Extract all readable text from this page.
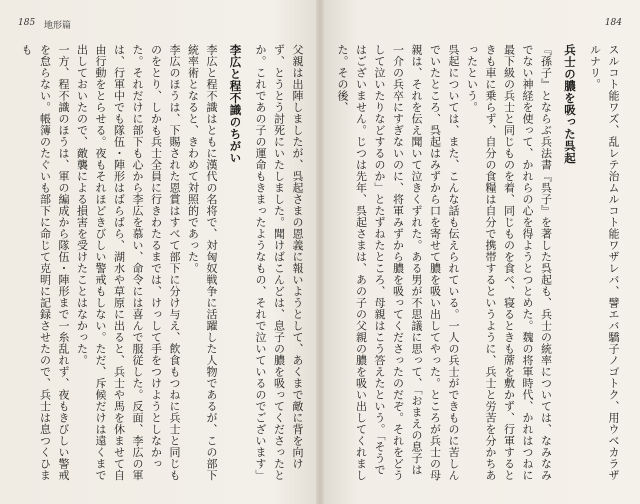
185 地形篇	184

スルコト能ワズ、乱レテ治ムルコト能ワザレバ、譬エバ驕子ノゴトク、用ウベカラザルナリ。

兵士の膿を吸った呉起

『孫子』とならぶ兵法書『呉子』を著した呉起も、兵士の統率については、なみなみでない神経を使って、かれらの心を得ようとつとめた。魏の将軍時代、かれはつねに最下級の兵士と同じものを着、同じものを食べ、寝るときも蓆を敷かず、行軍するときも車に乗らず、自分の食糧は自分で携帯するというように、兵士と労苦を分かちあったという。

呉起については、また、こんな話も伝えられている。一人の兵士ができものに苦しんでいたところ、呉起はみずから口を寄せて膿を吸い出してやった。ところが兵士の母親は、それを伝え聞いて泣きくずれた。ある男が不思議に思って、「おまえの息子は一介の兵卒にすぎないのに、将軍みずから膿を吸ってくださったのだぞ。それをどうして泣いたりなどするのか」とたずねたところ、母親はこう答えたという。「そうではございません。じつは先年、呉起さまは、あの子の父親の膿を吸い出してくれました。その後、

父親は出陣しましたが、呉起さまの恩義に報いようとして、あくまで敵に背を向けず、とうとう討死にいたしました。聞けばこんどは、息子の膿を吸ってくださったとか。これであの子の運命もきまったようなもの、それで泣いているのでございます」

李広と程不識のちがい

李広と程不識はともに漢代の名将で、対匈奴戦争に活躍した人物であるが、この部下統率術となると、きわめて対照的であった。

李広のほうは、下賜された恩賞はすべて部下に分け与え、飲食もつねに兵士と同じものをとり、しかも兵士全員に行きわたるまでは、けっして手をつけようとしなかった。それだけに部下も心から李広を慕い、命令には喜んで服従した。反面、李広の軍は、行軍中でも隊伍・陣形はばらばら、湖水や草原に出ると、兵士や馬を休ませて自由行動をとらせる。夜もそれほどきびしい警戒もしない。ただ、斥候だけは遠くまで出しておいたので、敵襲による損害を受けたことはなかった。

一方、程不識のほうは、軍の編成から隊伍・陣形まで一糸乱れず、夜もきびしい警戒を怠らない。帳簿のたぐいも部下に命じて克明に記録させたので、兵士は息つくひまも
